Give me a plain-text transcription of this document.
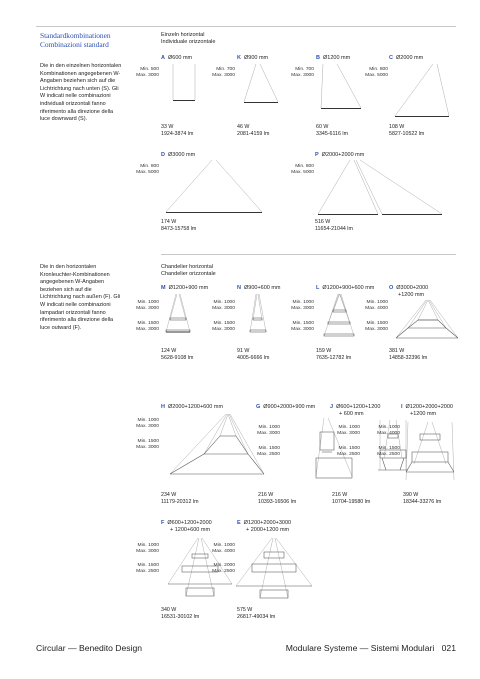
Standardkombinationen
Combinazioni standard
Die in den einzelnen horizontalen Kombinationen angegebenen W-Angaben beziehen sich auf die Lichtrichtung nach unten (S). Gli W indicati nelle combinazioni individuali orizzontali fanno riferimento alla direzione della luce downward (S).
Die in den horizontalen Kronleuchter-Kombinationen angegebenen W-Angaben beziehen sich auf die Lichtrichtung nach außen (F). Gli W indicati nelle combinazioni lampadari orizzontali fanno riferimento alla direzione della luce outward (F).
Einzeln horizontal
Individuale orizzontale
Chandelier horizontal
Chandelier orizzontale
A Ø600 mm
Min. 500
Max. 3000
33 W
1924-3874 lm
K Ø900 mm
Min. 700
Max. 3000
46 W
2081-4159 lm
B Ø1200 mm
Min. 700
Max. 3000
60 W
3345-6116 lm
C Ø2000 mm
Min. 800
Max. 5000
108 W
5827-10522 lm
D Ø3000 mm
Min. 800
Max. 5000
174 W
8473-15758 lm
P Ø2000+2000 mm
Min. 800
Max. 5000
516 W
11654-21044 lm
M Ø1200+900 mm
Min. 1000
Max. 3000
Min. 1500
Max. 3000
124 W
5628-9108 lm
N Ø900+600 mm
Min. 1000
Max. 3000
Min. 1500
Max. 3000
91 W
4005-6666 lm
L Ø1200+900+600 mm
Min. 1000
Max. 3000
Min. 1500
Max. 3000
159 W
7635-12782 lm
O Ø3000+2000
+1200 mm
Min. 1000
Max. 4000
Min. 1500
Max. 3000
381 W
14858-32396 lm
H Ø2000+1200+600 mm
Min. 1000
Max. 3000
Min. 1500
Max. 3000
234 W
11179-20312 lm
G Ø900+2000+900 mm
Min. 1000
Max. 3000
Min. 1500
Max. 2500
216 W
10393-16506 lm
J Ø600+1200+1200
+ 600 mm
Min. 1000
Max. 3000
Min. 1500
Max. 2500
216 W
10704-19580 lm
I Ø1200+2000+2000
+1200 mm
Min. 1000
Max. 4000
Min. 1500
Max. 2500
390 W
18344-33276 lm
F Ø600+1200+2000
+ 1200+600 mm
Min. 1000
Max. 3000
Min. 1500
Max. 2500
340 W
16531-30102 lm
E Ø1200+2000+3000
+ 2000+1200 mm
Min. 1000
Max. 4000
Min. 2000
Max. 2500
575 W
26817-49034 lm
Circular — Benedito Design	Modulare Systeme — Sistemi Modulari 021
